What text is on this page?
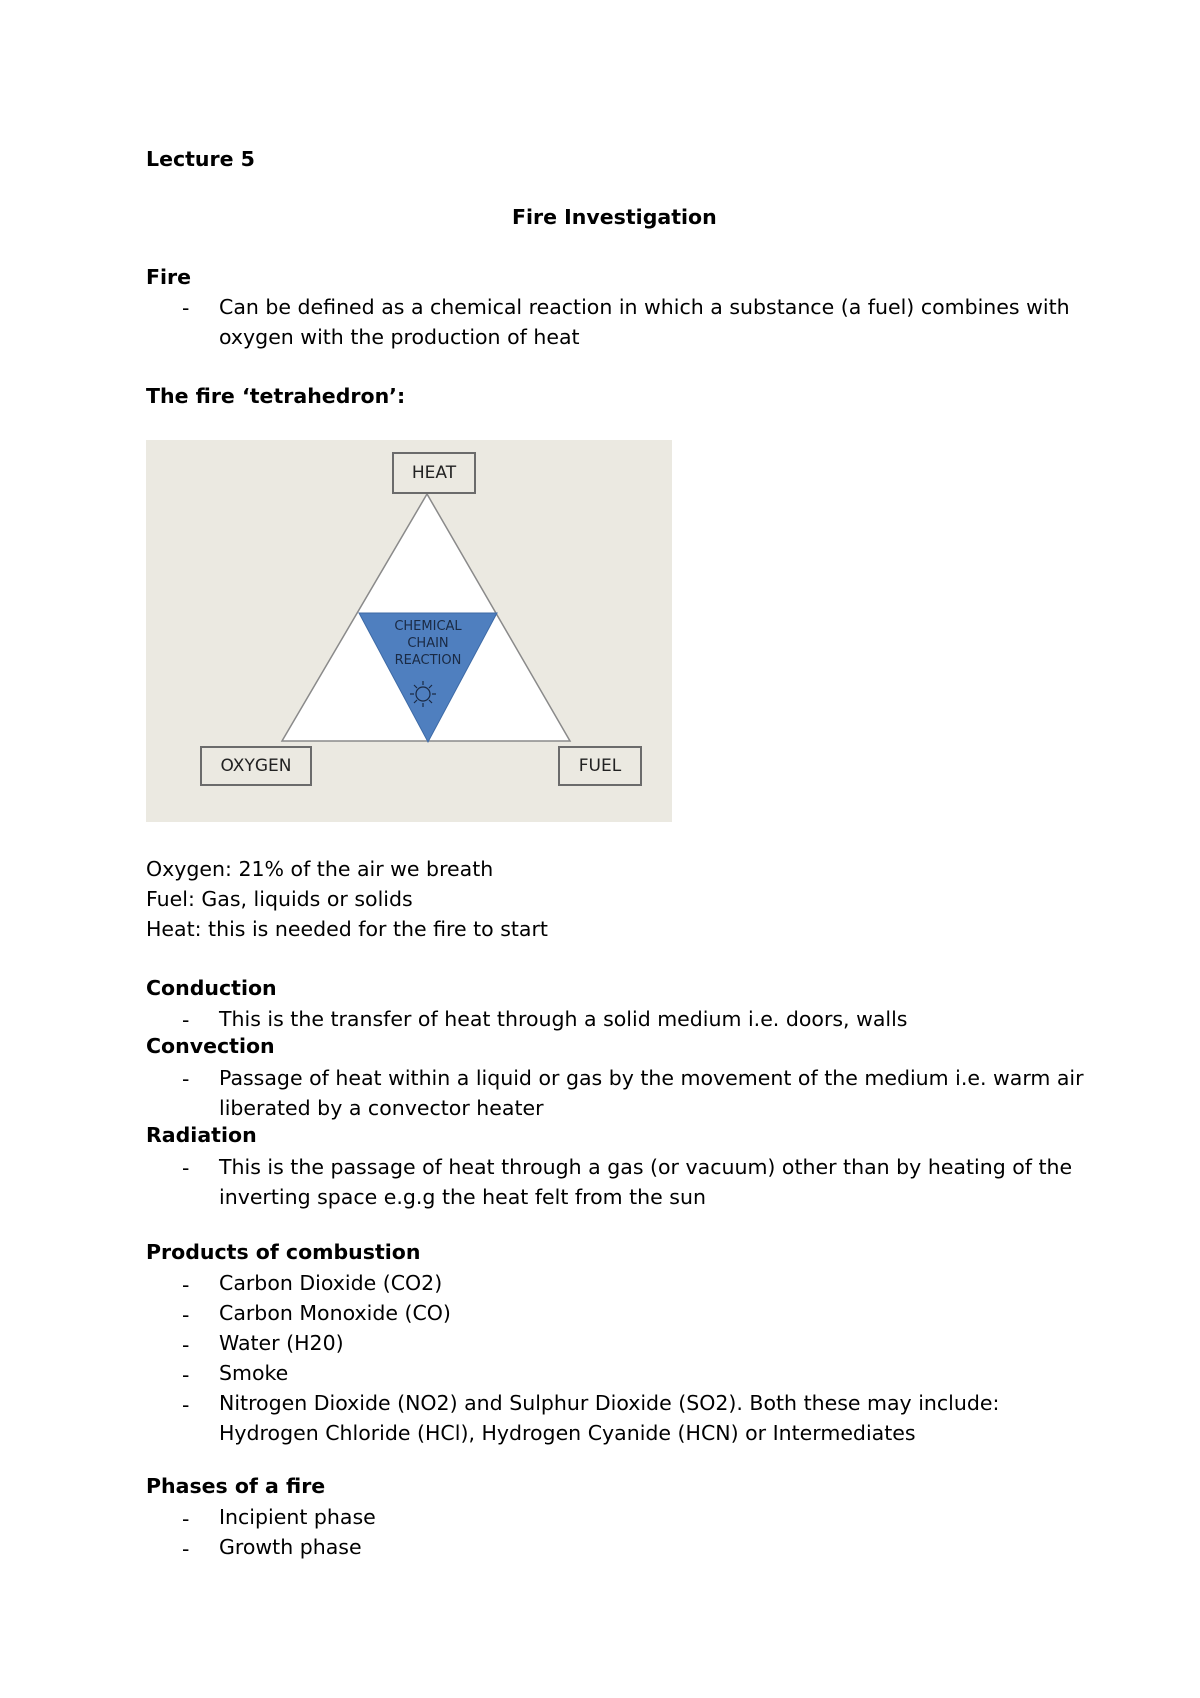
Lecture 5
Fire Investigation
Fire
-	Can be defined as a chemical reaction in which a substance (a fuel) combines with
oxygen with the production of heat
The fire ‘tetrahedron’:
HEAT
OXYGEN	FUEL
CHEMICAL
CHAIN
REACTION
Oxygen: 21% of the air we breath
Fuel: Gas, liquids or solids
Heat: this is needed for the fire to start
Conduction
-	This is the transfer of heat through a solid medium i.e. doors, walls
Convection
-	Passage of heat within a liquid or gas by the movement of the medium i.e. warm air
liberated by a convector heater
Radiation
-	This is the passage of heat through a gas (or vacuum) other than by heating of the
inverting space e.g.g the heat felt from the sun
Products of combustion
-
-
-
-
-
Carbon Dioxide (CO2)
Carbon Monoxide (CO)
Water (H20)
Smoke
Nitrogen Dioxide (NO2) and Sulphur Dioxide (SO2). Both these may include:
Hydrogen Chloride (HCl), Hydrogen Cyanide (HCN) or Intermediates
Phases of a fire
-
-
Incipient phase
Growth phase
